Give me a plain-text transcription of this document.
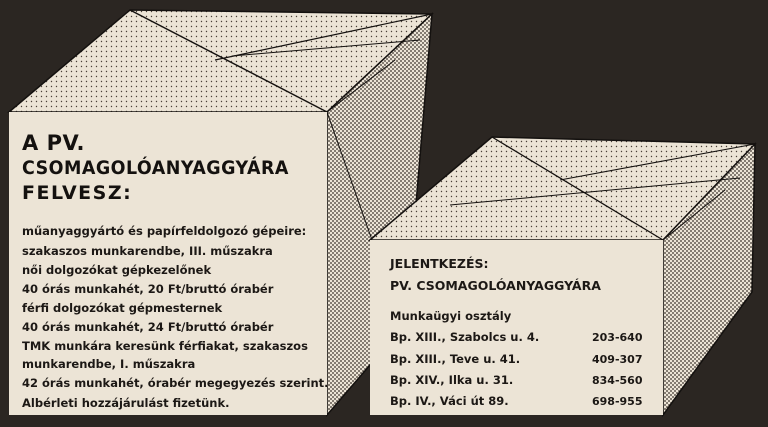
A PV.
CSOMAGOLÓANYAGGYÁRA
FELVESZ:
műanyaggyártó és papírfeldolgozó gépeire:
szakaszos munkarendbe, III. műszakra
női dolgozókat gépkezelőnek
40 órás munkahét, 20 Ft/bruttó órabér
férfi dolgozókat gépmesternek
40 órás munkahét, 24 Ft/bruttó órabér
TMK munkára keresünk férfiakat, szakaszos
munkarendbe, I. műszakra
42 órás munkahét, órabér megegyezés szerint.
Albérleti hozzájárulást fizetünk.
JELENTKEZÉS:
PV. CSOMAGOLÓANYAGGYÁRA
Munkaügyi osztály
Bp. XIII., Szabolcs u. 4.	203-640
Bp. XIII., Teve u. 41.	409-307
Bp. XIV., Ilka u. 31.	834-560
Bp. IV., Váci út 89.	698-955
